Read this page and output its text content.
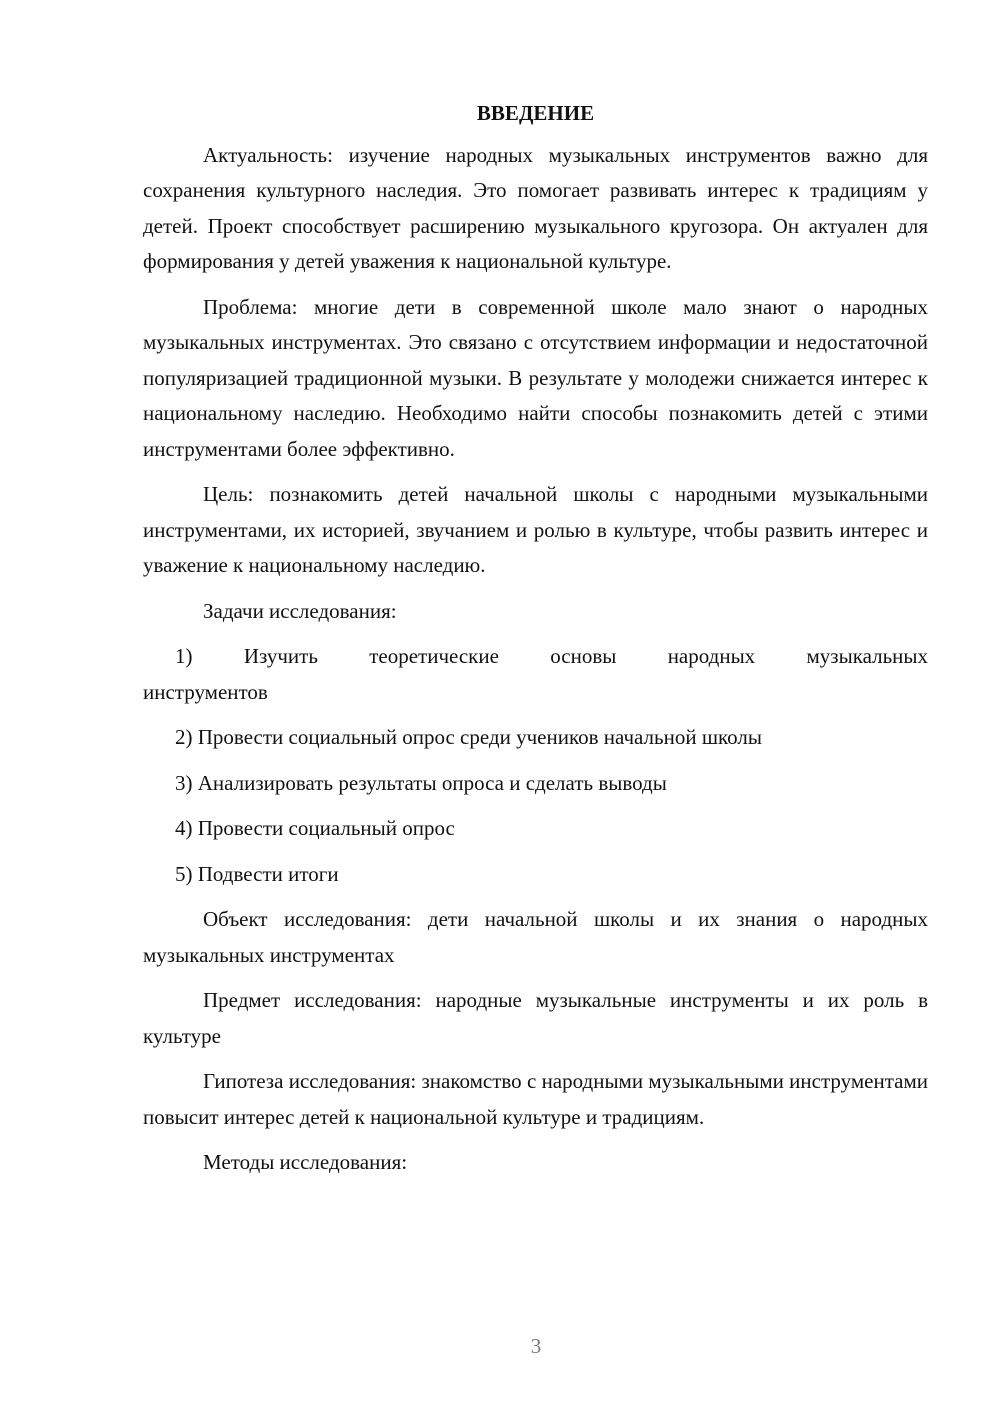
ВВЕДЕНИЕ

Актуальность: изучение народных музыкальных инструментов важно для сохранения культурного наследия. Это помогает развивать интерес к традициям у детей. Проект способствует расширению музыкального кругозора. Он актуален для формирования у детей уважения к национальной культуре.

Проблема: многие дети в современной школе мало знают о народных музыкальных инструментах. Это связано с отсутствием информации и недостаточной популяризацией традиционной музыки. В результате у молодежи снижается интерес к национальному наследию. Необходимо найти способы познакомить детей с этими инструментами более эффективно.

Цель: познакомить детей начальной школы с народными музыкальными инструментами, их историей, звучанием и ролью в культуре, чтобы развить интерес и уважение к национальному наследию.

Задачи исследования:

1) Изучить теоретические основы народных музыкальных

инструментов

2) Провести социальный опрос среди учеников начальной школы

3) Анализировать результаты опроса и сделать выводы

4) Провести социальный опрос

5) Подвести итоги

Объект исследования: дети начальной школы и их знания о народных музыкальных инструментах

Предмет исследования: народные музыкальные инструменты и их роль в культуре

Гипотеза исследования: знакомство с народными музыкальными инструментами повысит интерес детей к национальной культуре и традициям.

Методы исследования:

3
